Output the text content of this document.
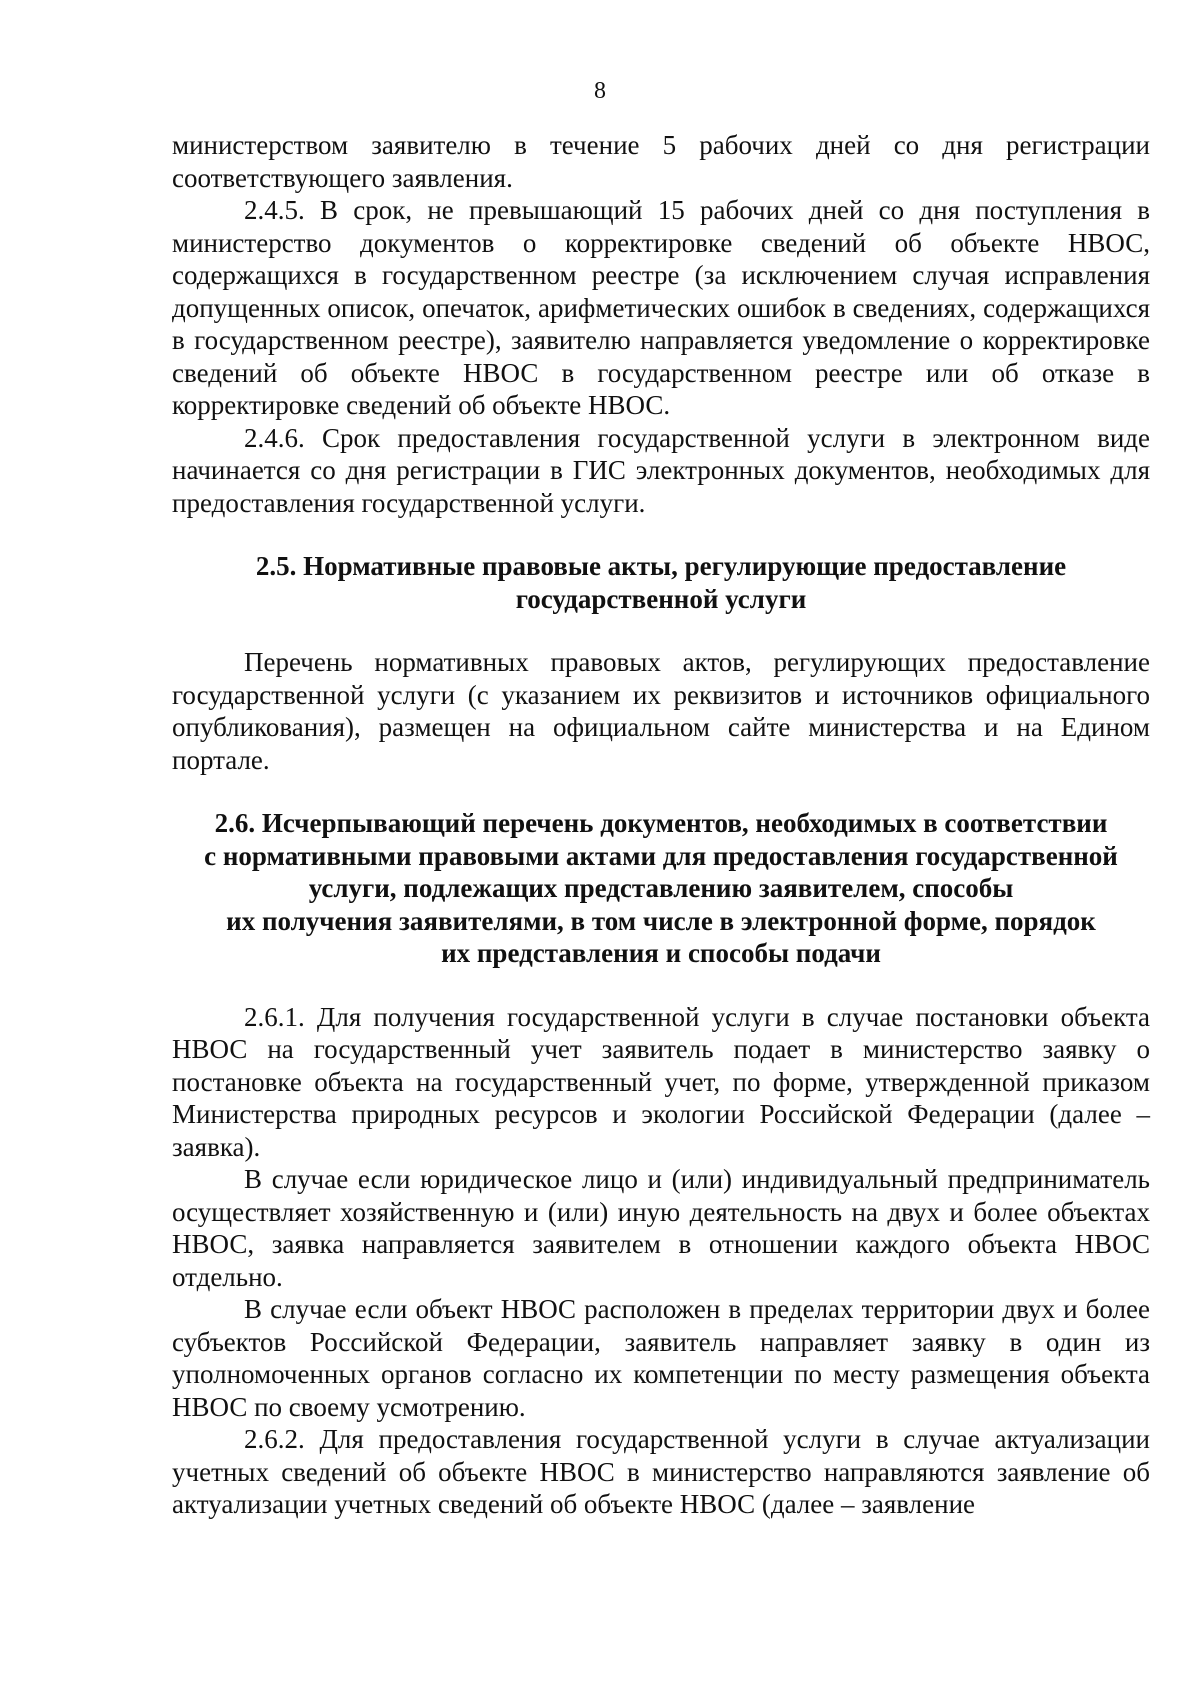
8

министерством заявителю в течение 5 рабочих дней со дня регистрации соответствующего заявления.

2.4.5. В срок, не превышающий 15 рабочих дней со дня поступления в министерство документов о корректировке сведений об объекте НВОС, содержащихся в государственном реестре (за исключением случая исправления допущенных описок, опечаток, арифметических ошибок в сведениях, содержащихся в государственном реестре), заявителю направляется уведомление о корректировке сведений об объекте НВОС в государственном реестре или об отказе в корректировке сведений об объекте НВОС.

2.4.6. Срок предоставления государственной услуги в электронном виде начинается со дня регистрации в ГИС электронных документов, необходимых для предоставления государственной услуги.

2.5. Нормативные правовые акты, регулирующие предоставление
государственной услуги

Перечень нормативных правовых актов, регулирующих предоставление государственной услуги (с указанием их реквизитов и источников официального опубликования), размещен на официальном сайте министерства и на Едином портале.

2.6. Исчерпывающий перечень документов, необходимых в соответствии
с нормативными правовыми актами для предоставления государственной
услуги, подлежащих представлению заявителем, способы
их получения заявителями, в том числе в электронной форме, порядок
их представления и способы подачи

2.6.1. Для получения государственной услуги в случае постановки объекта НВОС на государственный учет заявитель подает в министерство заявку о постановке объекта на государственный учет, по форме, утвержденной приказом Министерства природных ресурсов и экологии Российской Федерации (далее – заявка).

В случае если юридическое лицо и (или) индивидуальный предприниматель осуществляет хозяйственную и (или) иную деятельность на двух и более объектах НВОС, заявка направляется заявителем в отношении каждого объекта НВОС отдельно.

В случае если объект НВОС расположен в пределах территории двух и более субъектов Российской Федерации, заявитель направляет заявку в один из уполномоченных органов согласно их компетенции по месту размещения объекта НВОС по своему усмотрению.

2.6.2. Для предоставления государственной услуги в случае актуализации учетных сведений об объекте НВОС в министерство направляются заявление об актуализации учетных сведений об объекте НВОС (далее – заявление
